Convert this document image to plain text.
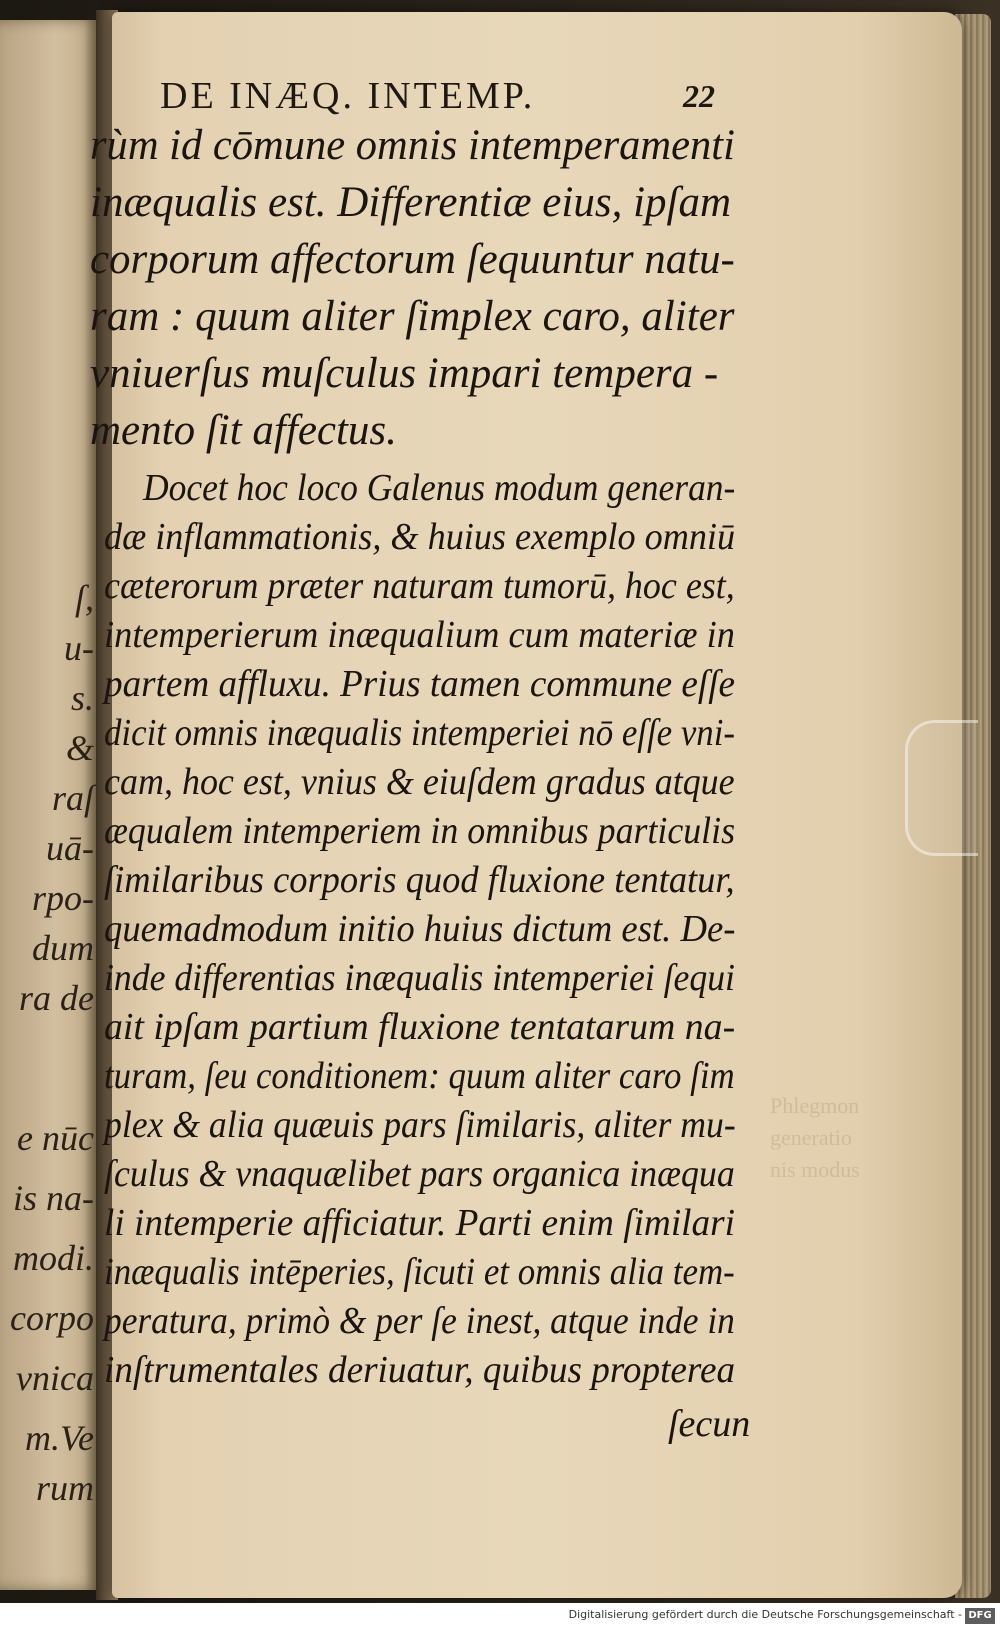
ſ,

u-

s.

&

raſ

uā-

rpo-

dum

ra de

e nūc

is na-

modi.

corpo

vnica

m.Ve

rum

Phlegmon
generatio
nis modus

DE INÆQ. INTEMP.	22

rùm id cōmune omnis intemperamenti

inæqualis est. Differentiæ eius, ipſam

corporum affectorum ſequuntur natu-

ram : quum aliter ſimplex caro, aliter

vniuerſus muſculus impari tempera -

mento ſit affectus.

Docet hoc loco Galenus modum generan-

dæ inflammationis, & huius exemplo omniū

cæterorum præter naturam tumorū, hoc est,

intemperierum inæqualium cum materiæ in

partem affluxu. Prius tamen commune eſſe

dicit omnis inæqualis intemperiei nō eſſe vni-

cam, hoc est, vnius & eiuſdem gradus atque

æqualem intemperiem in omnibus particulis

ſimilaribus corporis quod fluxione tentatur,

quemadmodum initio huius dictum est. De-

inde differentias inæqualis intemperiei ſequi

ait ipſam partium fluxione tentatarum na-

turam, ſeu conditionem: quum aliter caro ſim

plex & alia quæuis pars ſimilaris, aliter mu-

ſculus & vnaquælibet pars organica inæqua

li intemperie afficiatur. Parti enim ſimilari

inæqualis intēperies, ſicuti et omnis alia tem-

peratura, primò & per ſe inest, atque inde in

inſtrumentales deriuatur, quibus propterea

ſecun

Digitalisierung gefördert durch die Deutsche Forschungsgemeinschaft - DFG
